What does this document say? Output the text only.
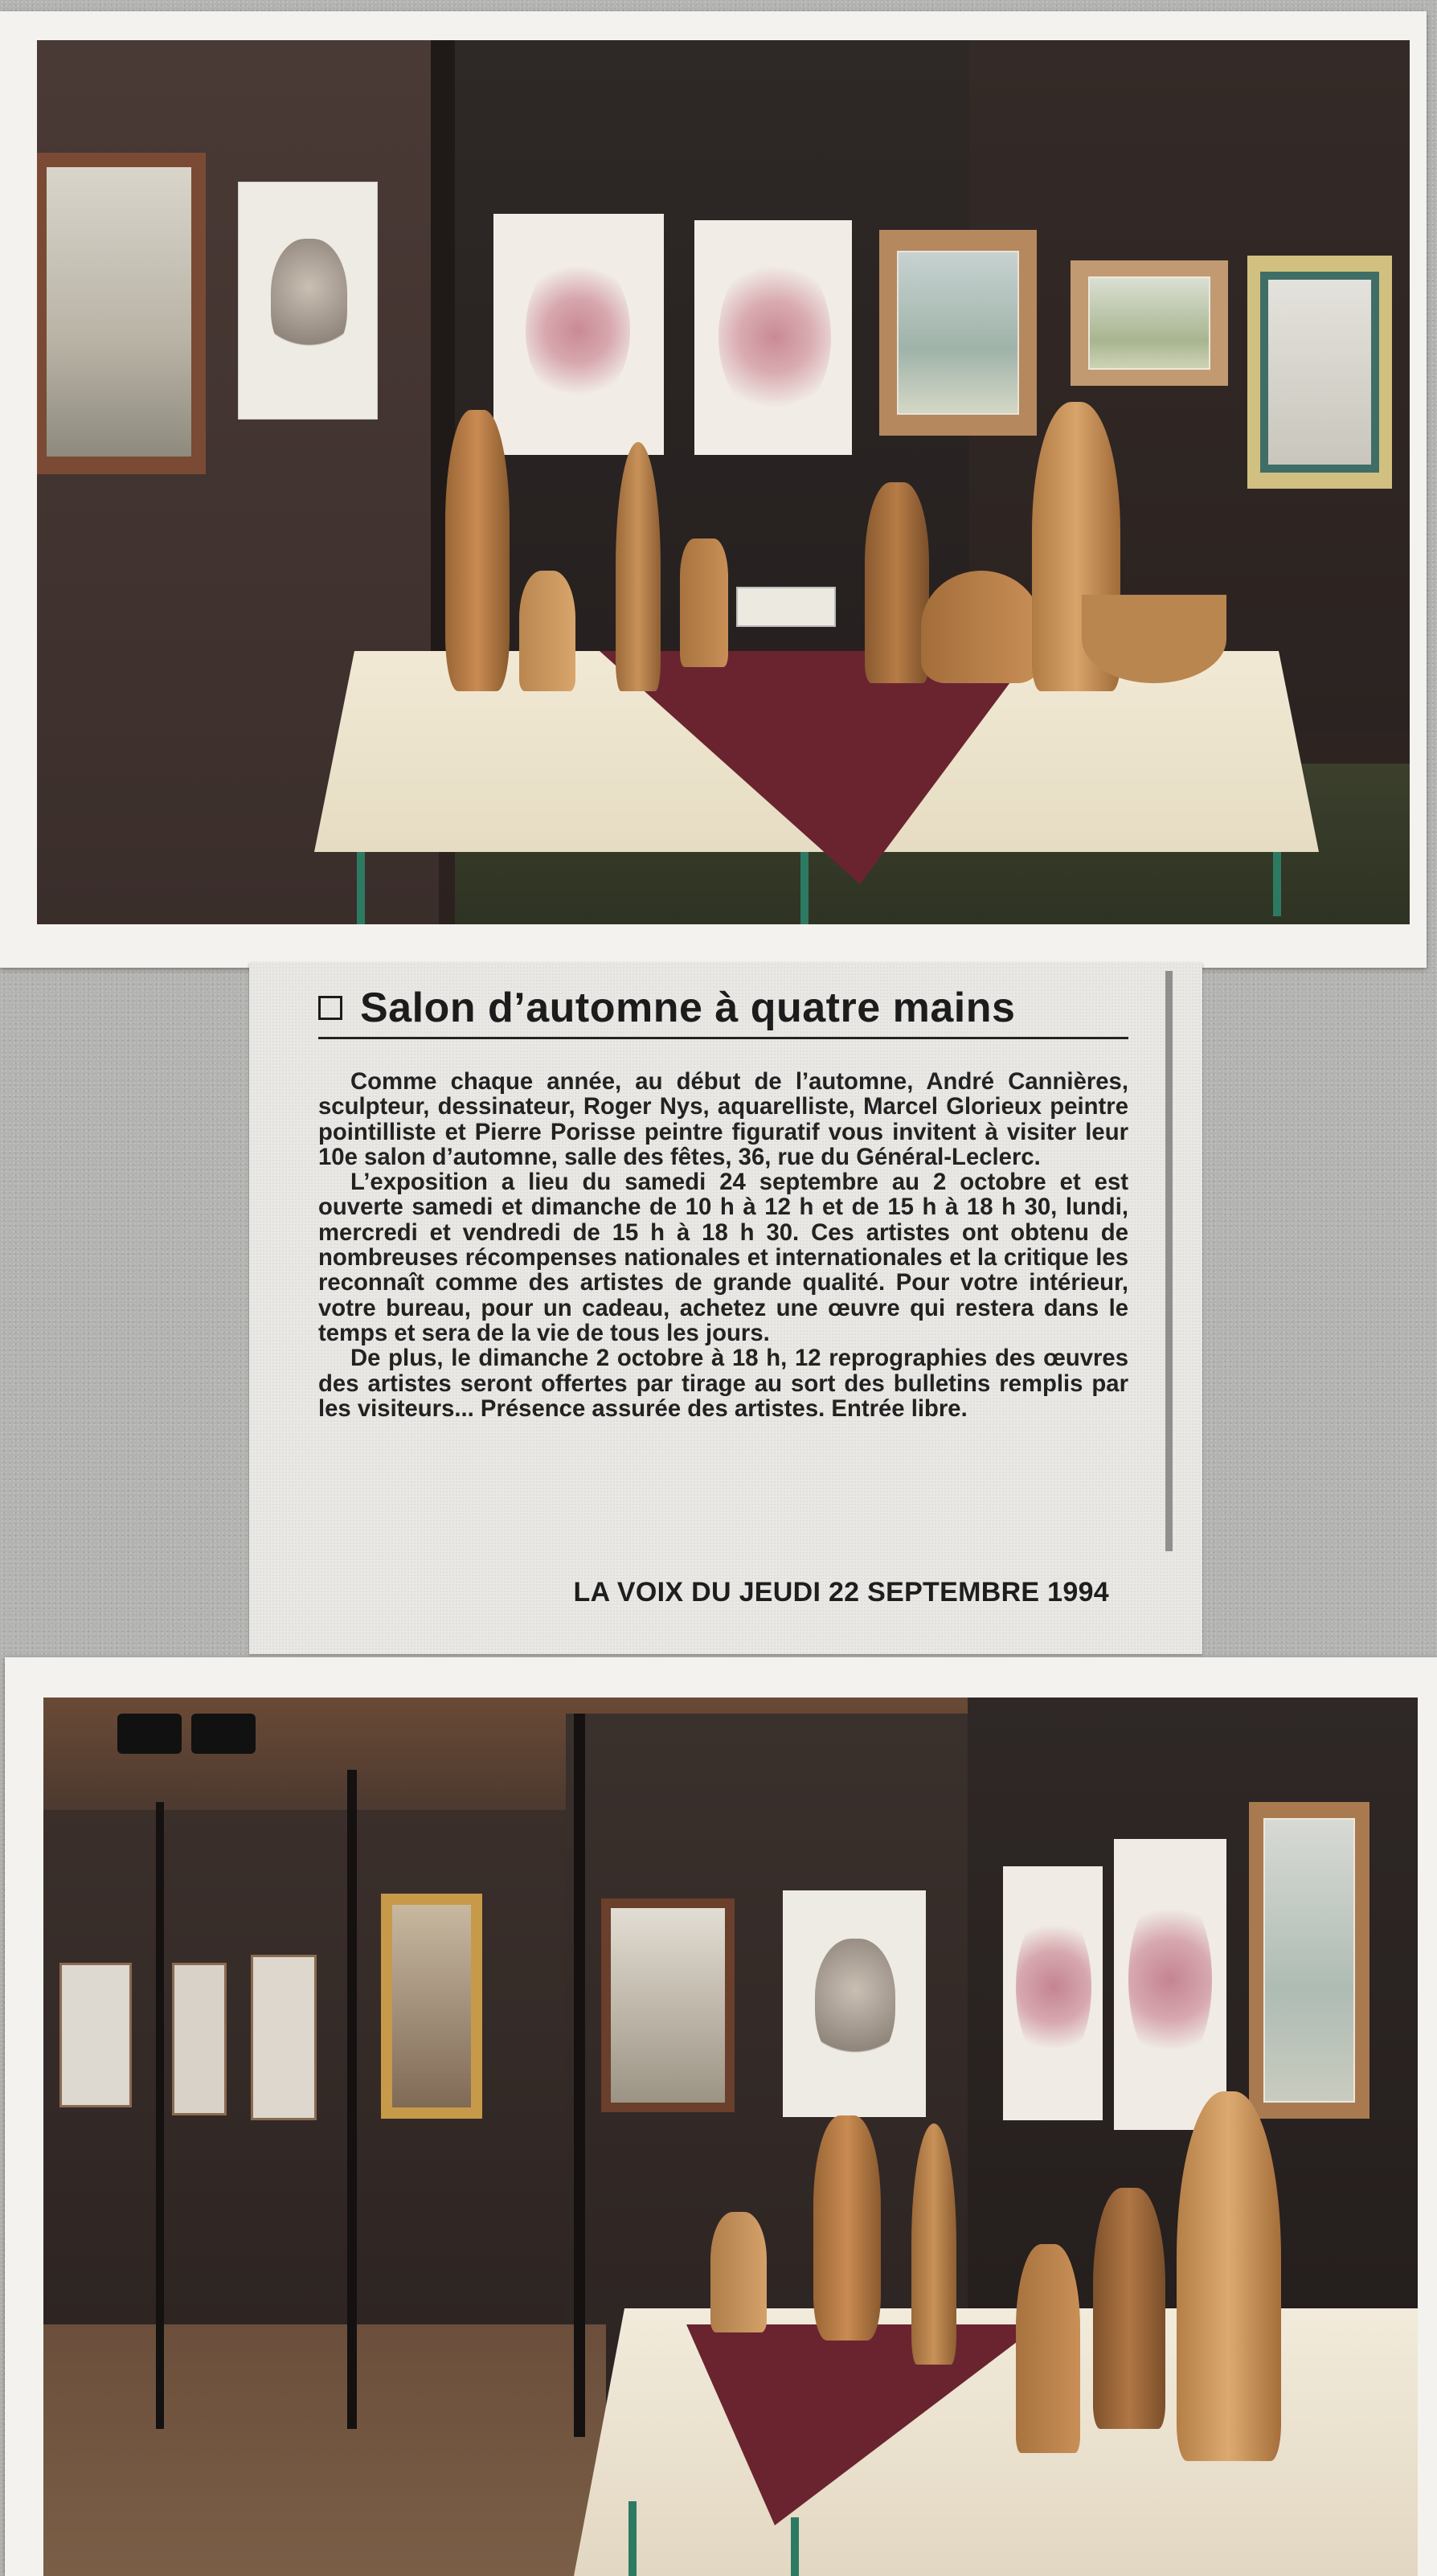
Salon d’automne à quatre mains

Comme chaque année, au début de l’automne, André Cannières, sculpteur, dessinateur, Roger Nys, aquarelliste, Marcel Glorieux peintre pointilliste et Pierre Porisse peintre figuratif vous invitent à visiter leur 10e salon d’automne, salle des fêtes, 36, rue du Général-Leclerc.

L’exposition a lieu du samedi 24 septembre au 2 octobre et est ouverte samedi et dimanche de 10 h à 12 h et de 15 h à 18 h 30, lundi, mercredi et vendredi de 15 h à 18 h 30. Ces artistes ont obtenu de nombreuses récompenses nationales et internationales et la critique les reconnaît comme des artistes de grande qualité. Pour votre intérieur, votre bureau, pour un cadeau, achetez une œuvre qui restera dans le temps et sera de la vie de tous les jours.

De plus, le dimanche 2 octobre à 18 h, 12 reprographies des œuvres des artistes seront offertes par tirage au sort des bulletins remplis par les visiteurs... Présence assurée des artistes. Entrée libre.

LA VOIX DU JEUDI 22 SEPTEMBRE 1994
